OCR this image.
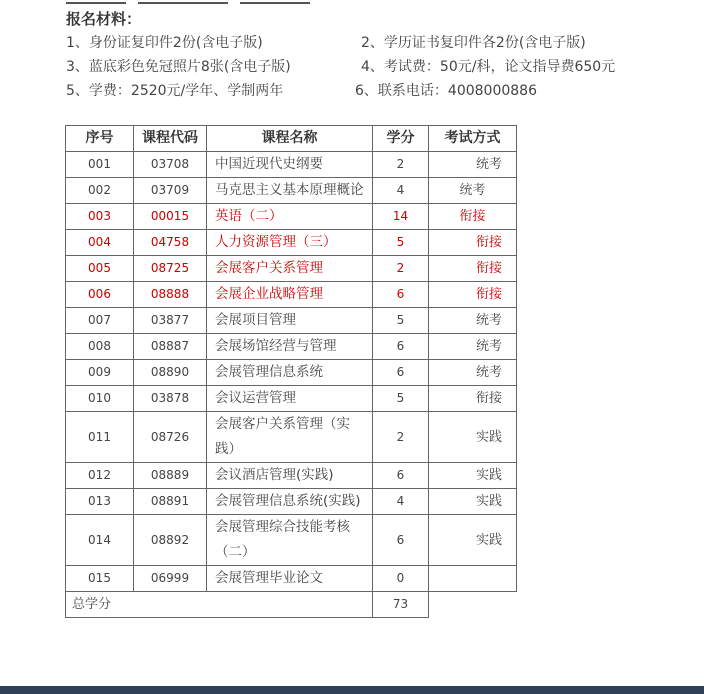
报名材料：
1、身份证复印件2份(含电子版)	2、学历证书复印件各2份(含电子版)
3、蓝底彩色免冠照片8张(含电子版)	4、考试费：50元/科，论文指导费650元
5、学费：2520元/学年、学制两年	6、联系电话：4008000886
序号	课程代码	课程名称	学分	考试方式
001	03708	中国近现代史纲要	2	统考
002	03709	马克思主义基本原理概论	4	统考
003	00015	英语（二）	14	衔接
004	04758	人力资源管理（三）	5	衔接
005	08725	会展客户关系管理	2	衔接
006	08888	会展企业战略管理	6	衔接
007	03877	会展项目管理	5	统考
008	08887	会展场馆经营与管理	6	统考
009	08890	会展管理信息系统	6	统考
010	03878	会议运营管理	5	衔接
011	08726	会展客户关系管理（实践）	2	实践
012	08889	会议酒店管理(实践)	6	实践
013	08891	会展管理信息系统(实践)	4	实践
014	08892	会展管理综合技能考核（二）	6	实践
015	06999	会展管理毕业论文	0	
总学分			73	
